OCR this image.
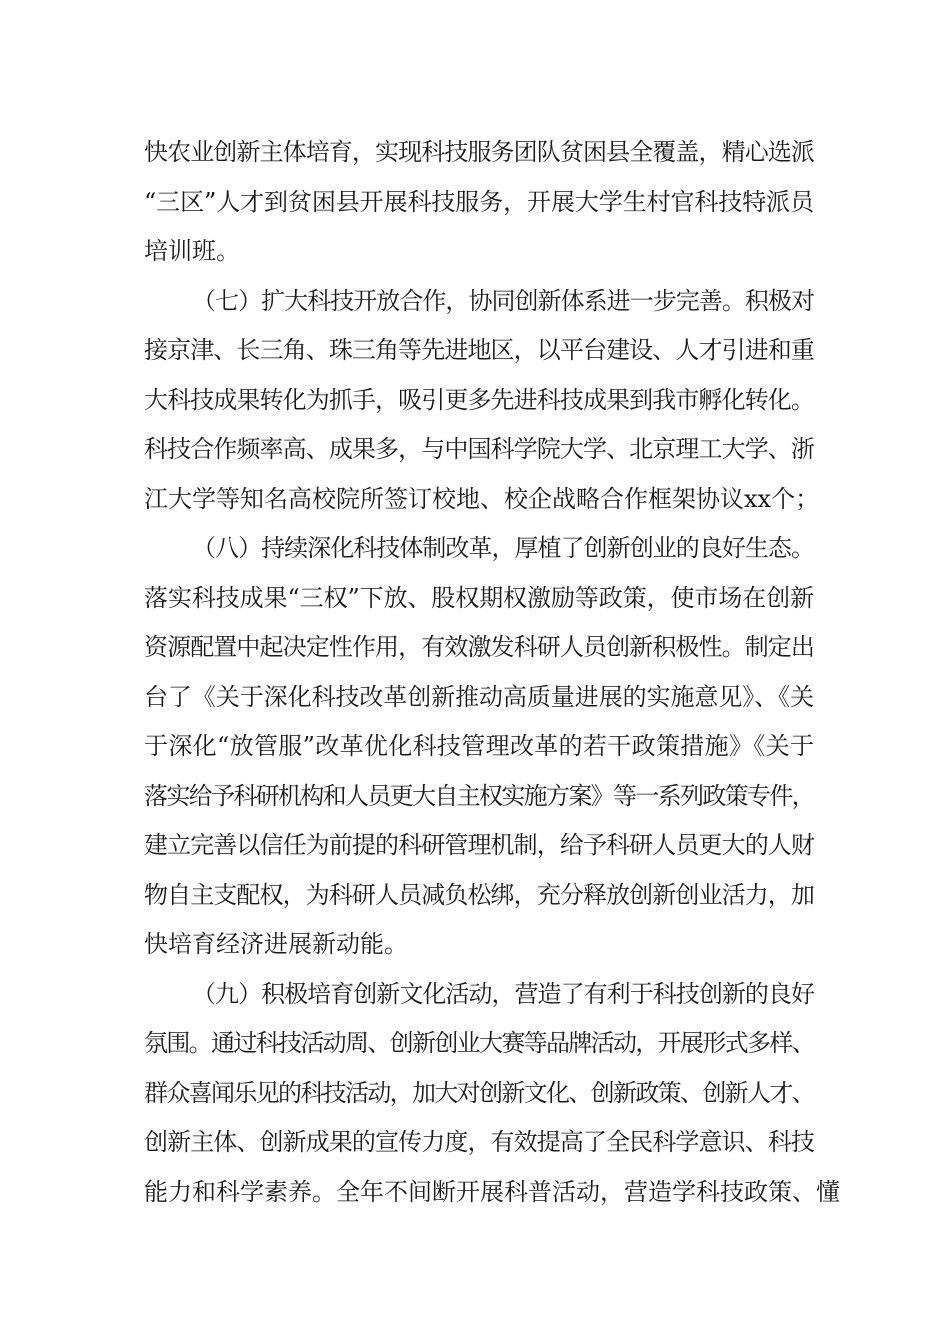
快农业创新主体培育，实现科技服务团队贫困县全覆盖，精心选派
“三区”人才到贫困县开展科技服务，开展大学生村官科技特派员
培训班。
（七）扩大科技开放合作，协同创新体系进一步完善。积极对
接京津、长三角、珠三角等先进地区，以平台建设、人才引进和重
大科技成果转化为抓手，吸引更多先进科技成果到我市孵化转化。
科技合作频率高、成果多，与中国科学院大学、北京理工大学、浙
江大学等知名高校院所签订校地、校企战略合作框架协议xx个；
（八）持续深化科技体制改革，厚植了创新创业的良好生态。
落实科技成果“三权”下放、股权期权激励等政策，使市场在创新
资源配置中起决定性作用，有效激发科研人员创新积极性。制定出
台了《关于深化科技改革创新推动高质量进展的实施意见》、《关
于深化“放管服”改革优化科技管理改革的若干政策措施》《关于
落实给予科研机构和人员更大自主权实施方案》等一系列政策专件，
建立完善以信任为前提的科研管理机制，给予科研人员更大的人财
物自主支配权，为科研人员减负松绑，充分释放创新创业活力，加
快培育经济进展新动能。
（九）积极培育创新文化活动，营造了有利于科技创新的良好
氛围。通过科技活动周、创新创业大赛等品牌活动，开展形式多样、
群众喜闻乐见的科技活动，加大对创新文化、创新政策、创新人才、
创新主体、创新成果的宣传力度，有效提高了全民科学意识、科技
能力和科学素养。全年不间断开展科普活动，营造学科技政策、懂
